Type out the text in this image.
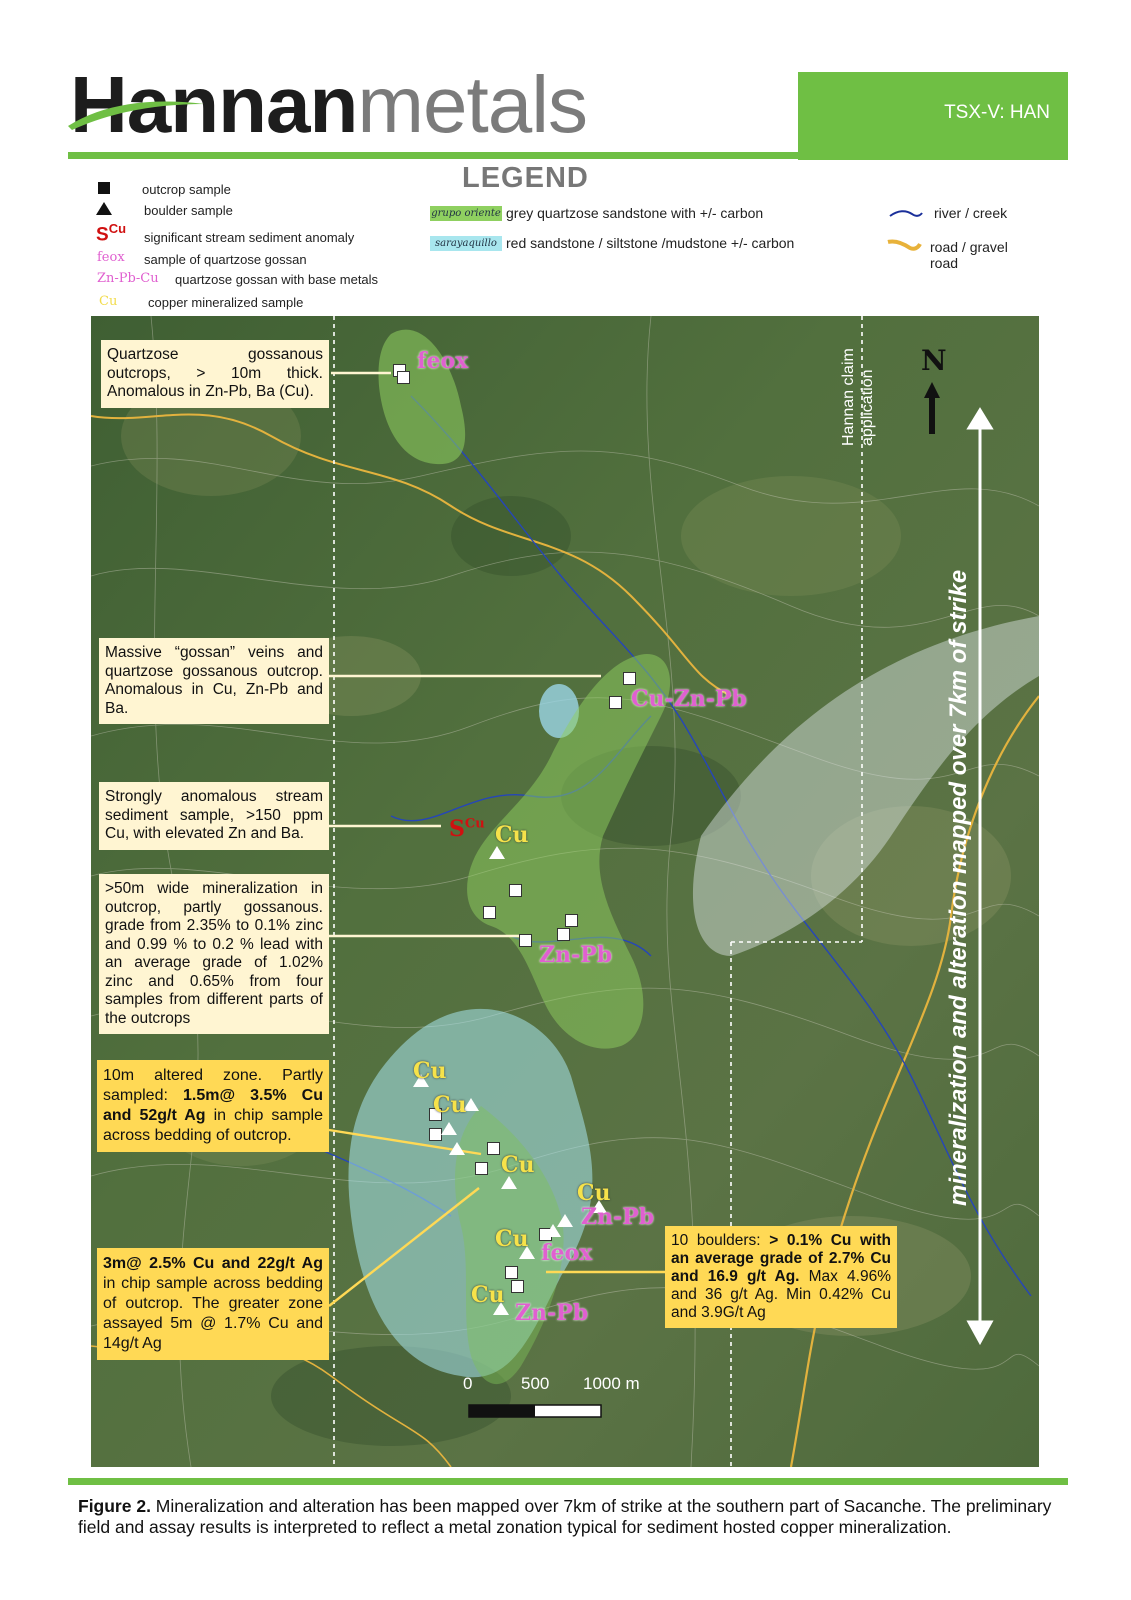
Hannanmetals	TSX-V: HAN
LEGEND
outcrop sample
boulder sample
$S^{Cu}$
significant stream sediment anomaly
feox sample of quartzose gossan
Zn-Pb-Cu quartzose gossan with base metals
Cu copper mineralized sample
grupo oriente grey quartzose sandstone with +/- carbon
sarayaquillo red sandstone / siltstone /mudstone +/- carbon
river / creek
road / gravel road
feox
Cu-Zn-Pb
$S^{Cu}$ Cu
Zn-Pb
Cu
Cu
Cu
Cu
Zn-Pb
Cu
feox
Cu
Zn-Pb
Quartzose gossanous outcrops, > 10m thick. Anomalous in Zn-Pb, Ba (Cu).
Massive “gossan” veins and quartzose gossanous outcrop. Anomalous in Cu, Zn-Pb and Ba.
Strongly anomalous stream sediment sample, >150 ppm Cu, with elevated Zn and Ba.
>50m wide mineralization in outcrop, partly gossanous. grade from 2.35% to 0.1% zinc and 0.99 % to 0.2 % lead with an average grade of 1.02% zinc and 0.65% from four samples from different parts of the outcrops
10m altered zone. Partly sampled: 1.5m@ 3.5% Cu and 52g/t Ag in chip sample across bedding of outcrop.
3m@ 2.5% Cu and 22g/t Ag in chip sample across bedding of outcrop. The greater zone assayed 5m @ 1.7% Cu and 14g/t Ag
10 boulders: > 0.1% Cu with an average grade of 2.7% Cu and 16.9 g/t Ag. Max 4.96% and 36 g/t Ag. Min 0.42% Cu and 3.9G/t Ag
Hannan claim application
N
mineralization and alteration mapped over 7km of strike
0	500 1000 m
Figure 2. Mineralization and alteration has been mapped over 7km of strike at the southern part of Sacanche. The preliminary field and assay results is interpreted to reflect a metal zonation typical for sediment hosted copper mineralization.
